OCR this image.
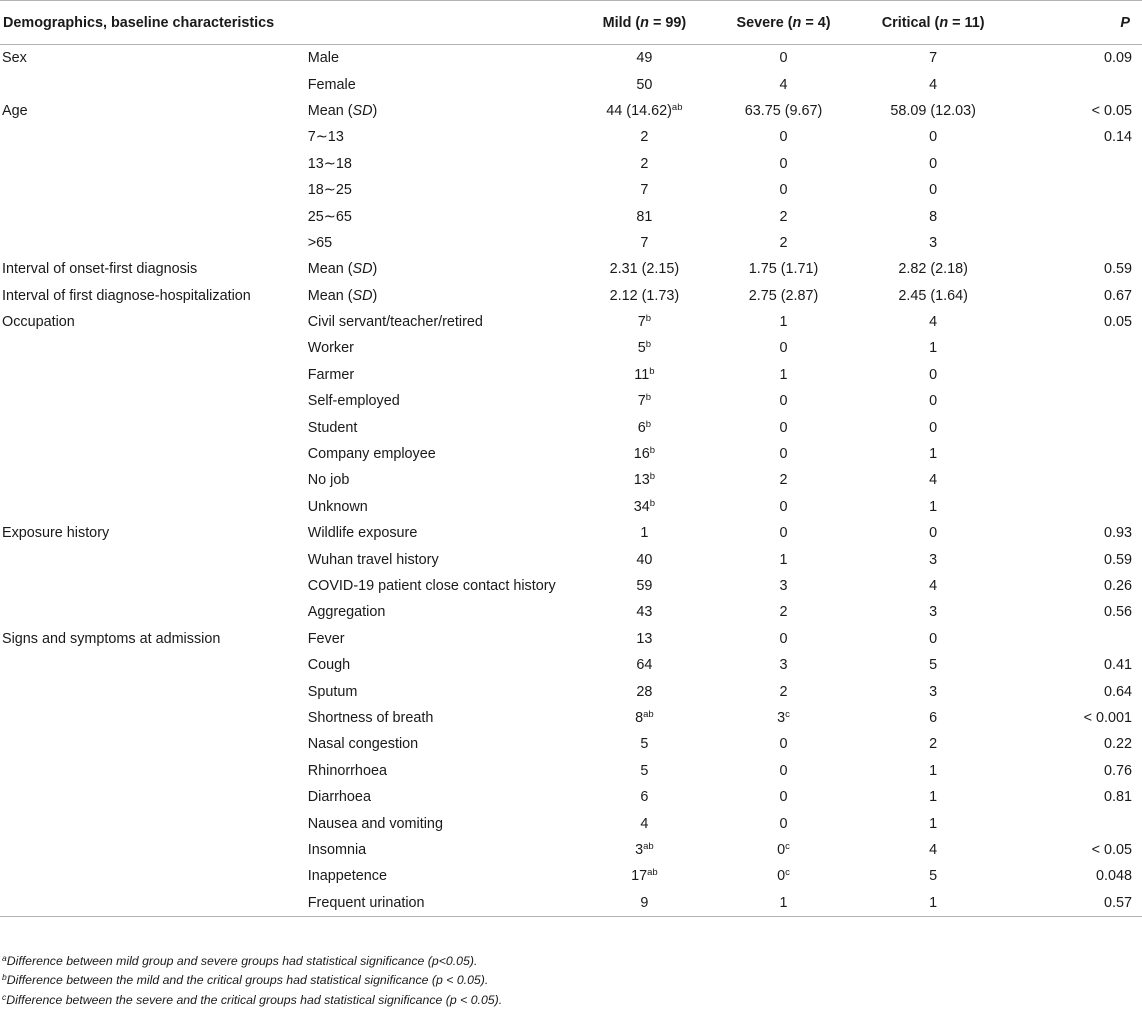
Demographics, baseline characteristics		Mild (n = 99)	Severe (n = 4)	Critical (n = 11)	P
Sex	Male	49	0	7	0.09
	Female	50	4	4	
Age	Mean (SD)	44 $(14.62)^{ab}$	63.75 (9.67)	58.09 (12.03)	< 0.05
	7∼13	2	0	0	0.14
	13∼18	2	0	0	
	18∼25	7	0	0	
	25∼65	81	2	8	
	>65	7	2	3	
Interval of onset-first diagnosis	Mean (SD)	2.31 (2.15)	1.75 (1.71)	2.82 (2.18)	0.59
Interval of first diagnose-hospitalization	Mean (SD)	2.12 (1.73)	2.75 (2.87)	2.45 (1.64)	0.67
Occupation	Civil servant/teacher/retired	7$^b$	1	4	0.05
	Worker	5$^b$	0	1	
	Farmer	11$^b$	1	0	
	Self-employed	7$^b$	0	0	
	Student	6$^b$	0	0	
	Company employee	16$^b$	0	1	
	No job	13$^b$	2	4	
	Unknown	34$^b$	0	1	
Exposure history	Wildlife exposure	1	0	0	0.93
	Wuhan travel history	40	1	3	0.59
	COVID-19 patient close contact history	59	3	4	0.26
	Aggregation	43	2	3	0.56
Signs and symptoms at admission	Fever	13	0	0	
	Cough	64	3	5	0.41
	Sputum	28	2	3	0.64
	Shortness of breath	$8^{ab}$	3$^c$	6	< 0.001
	Nasal congestion	5	0	2	0.22
	Rhinorrhoea	5	0	1	0.76
	Diarrhoea	6	0	1	0.81
	Nausea and vomiting	4	0	1	
	Insomnia	$3^{ab}$	0$^c$	4	< 0.05
	Inappetence	$17^{ab}$	0$^c$	5	0.048
	Frequent urination	9	1	1	0.57
$^a$Difference between mild group and severe groups had statistical significance (p<0.05).
$^b$Difference between the mild and the critical groups had statistical significance (p < 0.05).
$^c$Difference between the severe and the critical groups had statistical significance (p < 0.05).
